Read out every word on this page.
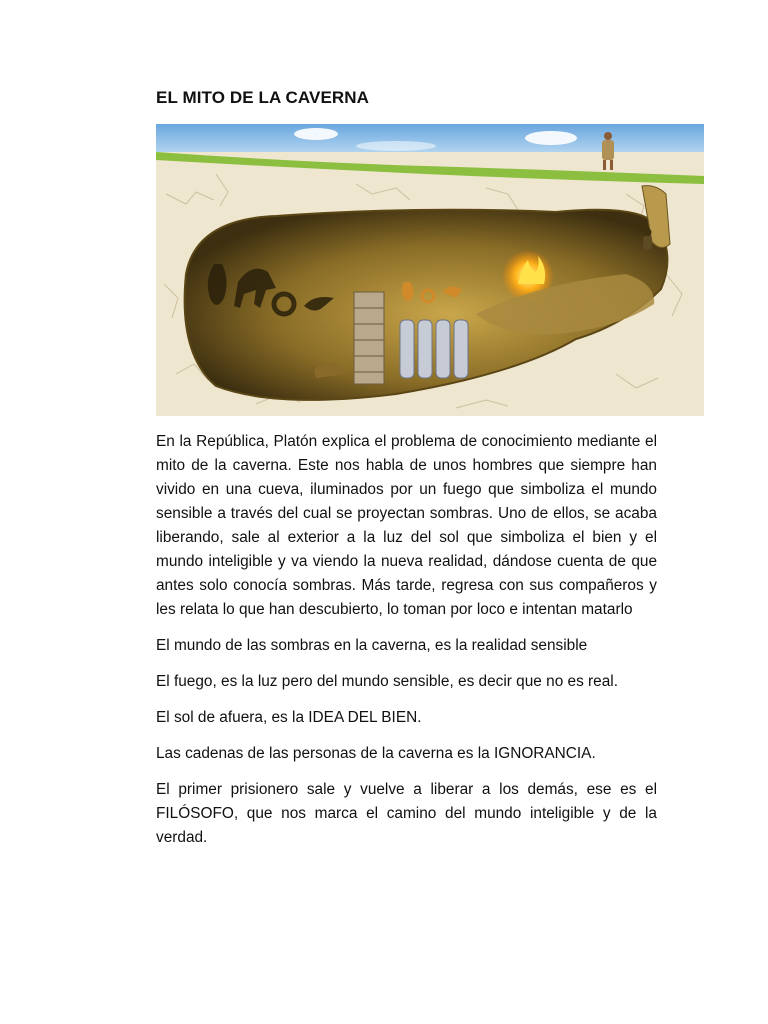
EL MITO DE LA CAVERNA

En la República, Platón explica el problema de conocimiento mediante el mito de la caverna. Este nos habla de unos hombres que siempre han vivido en una cueva, iluminados por un fuego que simboliza el mundo sensible a través del cual se proyectan sombras. Uno de ellos, se acaba liberando, sale al exterior a la luz del sol que simboliza el bien y el mundo inteligible y va viendo la nueva realidad, dándose cuenta de que antes solo conocía sombras. Más tarde, regresa con sus compañeros y les relata lo que han descubierto, lo toman por loco e intentan matarlo

El mundo de las sombras en la caverna, es la realidad sensible

El fuego, es la luz pero del mundo sensible, es decir que no es real.

El sol de afuera, es la IDEA DEL BIEN.

Las cadenas de las personas de la caverna es la IGNORANCIA.

El primer prisionero sale y vuelve a liberar a los demás, ese es el FILÓSOFO, que nos marca el camino del mundo inteligible y de la verdad.
